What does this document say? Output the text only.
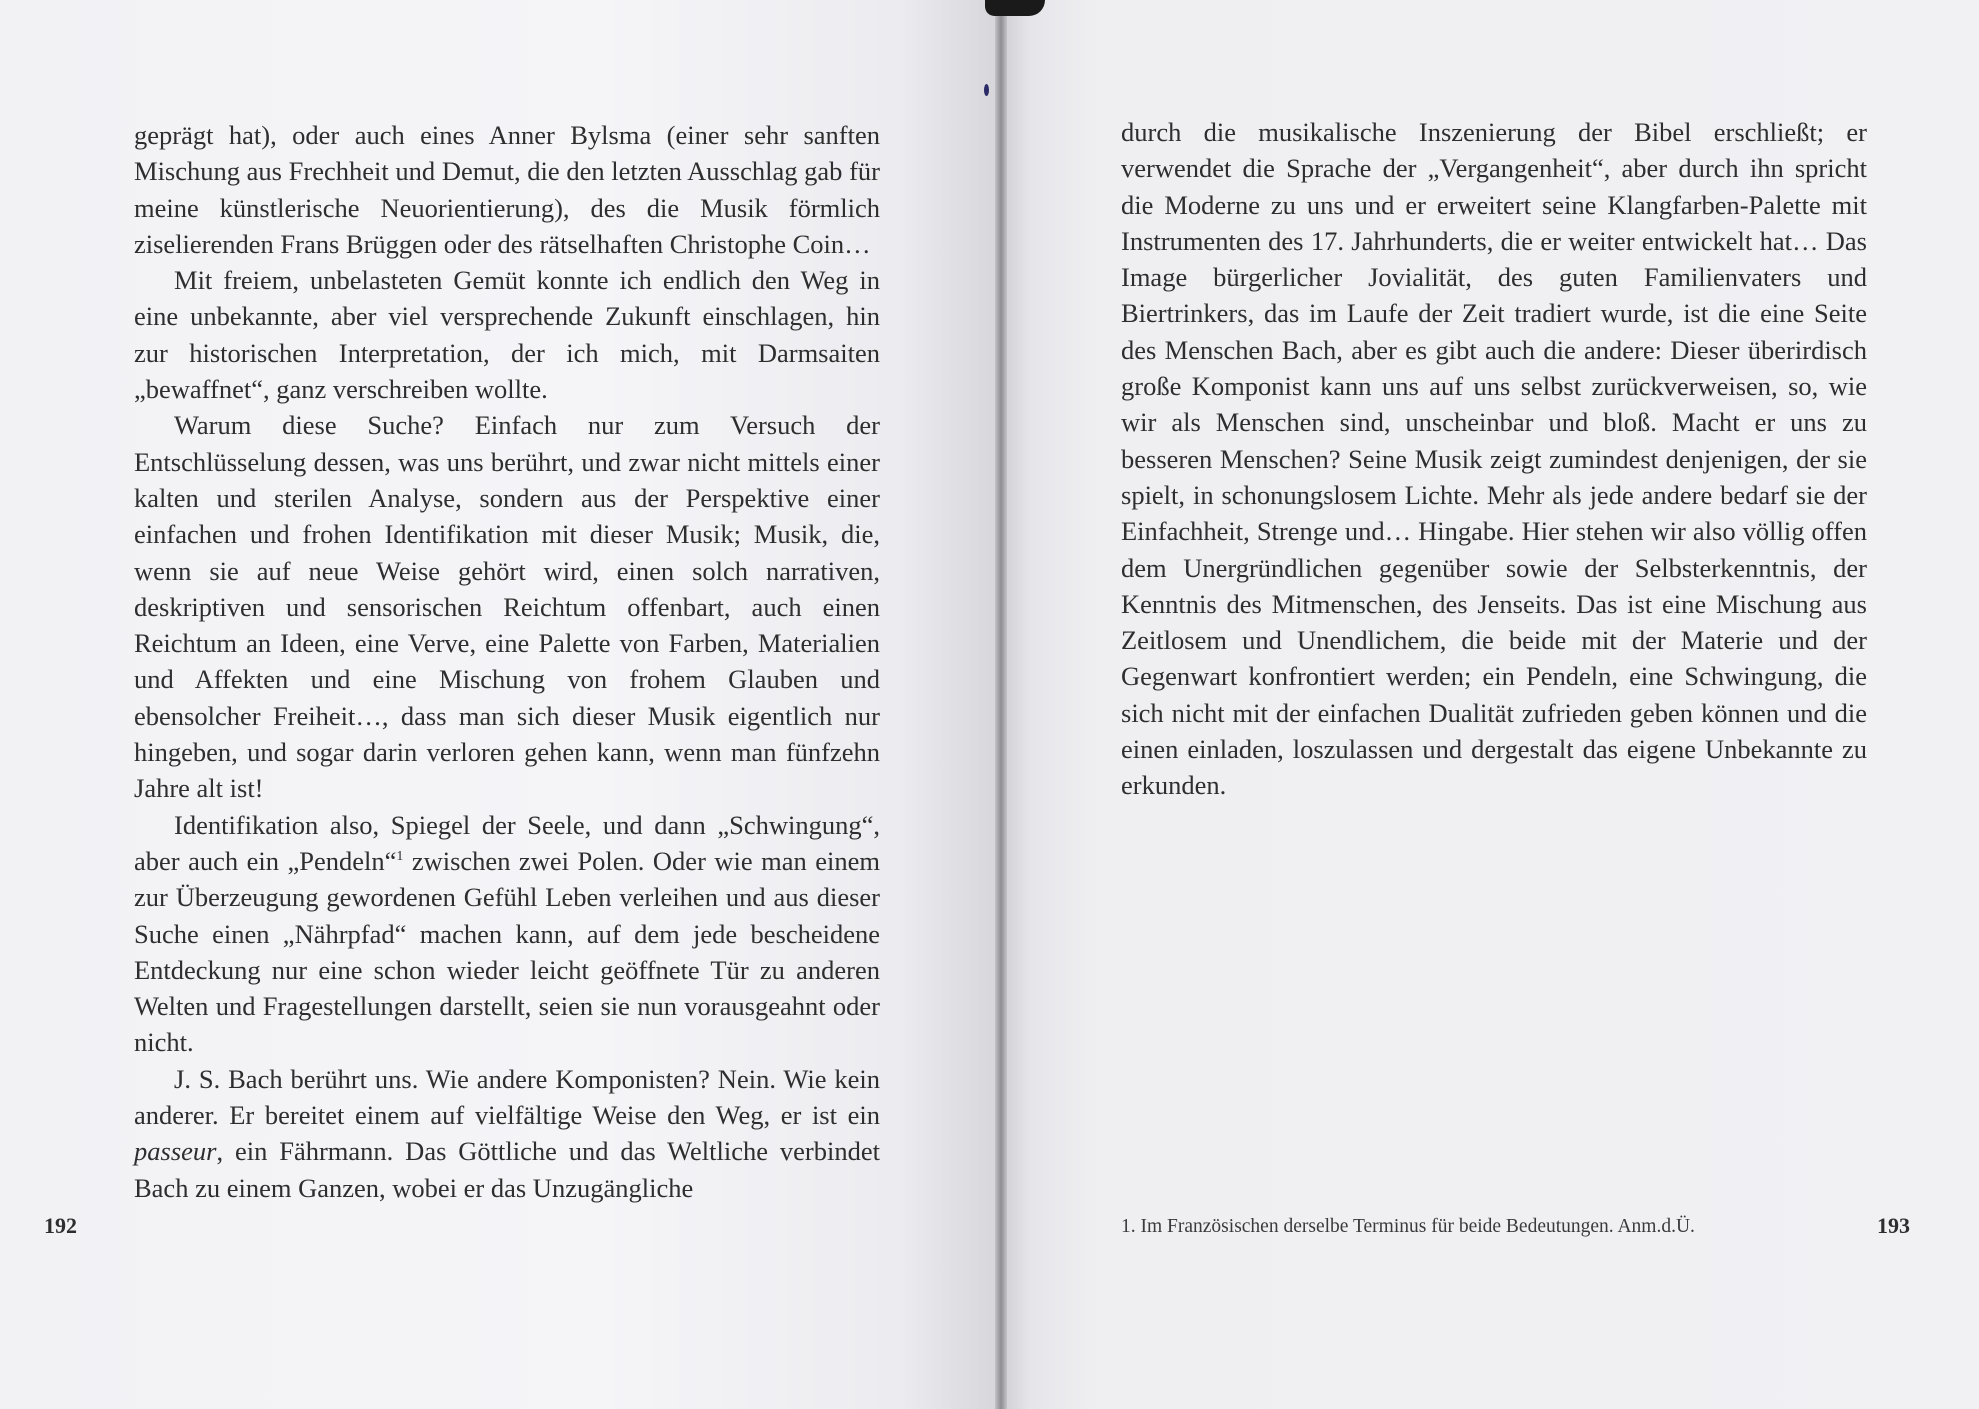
geprägt hat), oder auch eines Anner Bylsma (einer sehr sanften Mischung aus Frechheit und Demut, die den letzten Ausschlag gab für meine künstlerische Neuorientierung), des die Musik förmlich ziselierenden Frans Brüggen oder des rätselhaften Christophe Coin…

Mit freiem, unbelasteten Gemüt konnte ich endlich den Weg in eine unbekannte, aber viel versprechende Zukunft einschlagen, hin zur historischen Interpretation, der ich mich, mit Darmsaiten „bewaffnet“, ganz verschreiben wollte.

Warum diese Suche? Einfach nur zum Versuch der Entschlüsselung dessen, was uns berührt, und zwar nicht mittels einer kalten und sterilen Analyse, sondern aus der Perspektive einer einfachen und frohen Identifikation mit dieser Musik; Musik, die, wenn sie auf neue Weise gehört wird, einen solch narrativen, deskriptiven und sensorischen Reichtum offenbart, auch einen Reichtum an Ideen, eine Verve, eine Palette von Farben, Materialien und Affekten und eine Mischung von frohem Glauben und ebensolcher Freiheit…, dass man sich dieser Musik eigentlich nur hingeben, und sogar darin verloren gehen kann, wenn man fünfzehn Jahre alt ist!

Identifikation also, Spiegel der Seele, und dann „Schwingung“, aber auch ein „Pendeln“$^1$ zwischen zwei Polen. Oder wie man einem zur Überzeugung gewordenen Gefühl Leben verleihen und aus dieser Suche einen „Nährpfad“ machen kann, auf dem jede bescheidene Entdeckung nur eine schon wieder leicht geöffnete Tür zu anderen Welten und Fragestellungen darstellt, seien sie nun vorausgeahnt oder nicht.

J. S. Bach berührt uns. Wie andere Komponisten? Nein. Wie kein anderer. Er bereitet einem auf vielfältige Weise den Weg, er ist ein passeur, ein Fährmann. Das Göttliche und das Weltliche verbindet Bach zu einem Ganzen, wobei er das Unzugängliche

192

durch die musikalische Inszenierung der Bibel erschließt; er verwendet die Sprache der „Vergangenheit“, aber durch ihn spricht die Moderne zu uns und er erweitert seine Klangfarben-Palette mit Instrumenten des 17. Jahrhunderts, die er weiter entwickelt hat… Das Image bürgerlicher Jovialität, des guten Familienvaters und Biertrinkers, das im Laufe der Zeit tradiert wurde, ist die eine Seite des Menschen Bach, aber es gibt auch die andere: Dieser überirdisch große Komponist kann uns auf uns selbst zurückverweisen, so, wie wir als Menschen sind, unscheinbar und bloß. Macht er uns zu besseren Menschen? Seine Musik zeigt zumindest denjenigen, der sie spielt, in schonungslosem Lichte. Mehr als jede andere bedarf sie der Einfachheit, Strenge und… Hingabe. Hier stehen wir also völlig offen dem Unergründlichen gegenüber sowie der Selbsterkenntnis, der Kenntnis des Mitmenschen, des Jenseits. Das ist eine Mischung aus Zeitlosem und Unendlichem, die beide mit der Materie und der Gegenwart konfrontiert werden; ein Pendeln, eine Schwingung, die sich nicht mit der einfachen Dualität zufrieden geben können und die einen einladen, loszulassen und dergestalt das eigene Unbekannte zu erkunden.

1. Im Französischen derselbe Terminus für beide Bedeutungen. Anm.d.Ü.	193
